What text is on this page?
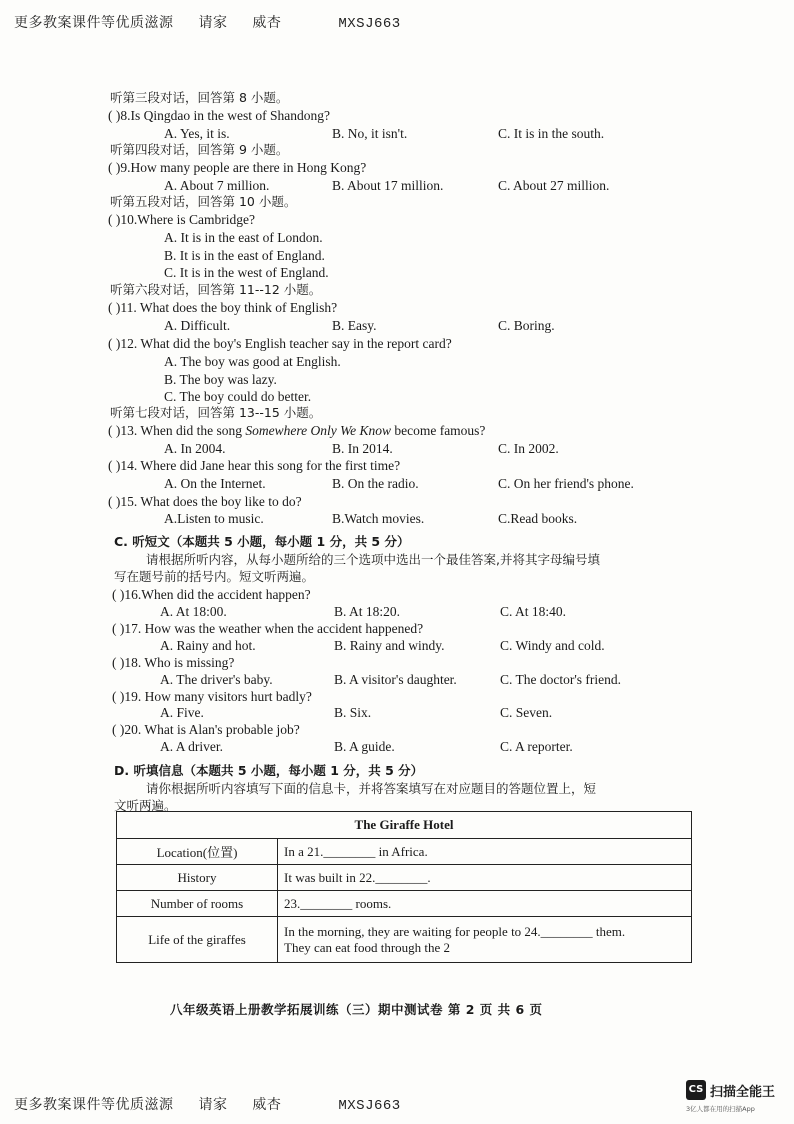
更多教案课件等优质滋源 请家 威杏	MXSJ663
听第三段对话，回答第 8 小题。
( )8.Is Qingdao in the west of Shandong?
A. Yes, it is.	B. No, it isn't.	C. It is in the south.
听第四段对话，回答第 9 小题。
( )9.How many people are there in Hong Kong?
A. About 7 million.	B. About 17 million.	C. About 27 million.
听第五段对话，回答第 10 小题。
( )10.Where is Cambridge?
A. It is in the east of London.
B. It is in the east of England.
C. It is in the west of England.
听第六段对话，回答第 11--12 小题。
( )11. What does the boy think of English?
A. Difficult.	B. Easy.	C. Boring.
( )12. What did the boy's English teacher say in the report card?
A. The boy was good at English.
B. The boy was lazy.
C. The boy could do better.
听第七段对话，回答第 13--15 小题。
( )13. When did the song Somewhere Only We Know become famous?
A. In 2004.	B. In 2014.	C. In 2002.
( )14. Where did Jane hear this song for the first time?
A. On the Internet.	B. On the radio.	C. On her friend's phone.
( )15. What does the boy like to do?
A.Listen to music.	B.Watch movies.	C.Read books.
C. 听短文（本题共 5 小题，每小题 1 分，共 5 分）
请根据所听内容，从每小题所给的三个选项中选出一个最佳答案,并将其字母编号填
写在题号前的括号内。短文听两遍。
( )16.When did the accident happen?
A. At 18:00.	B. At 18:20.	C. At 18:40.
( )17. How was the weather when the accident happened?
A. Rainy and hot.	B. Rainy and windy.	C. Windy and cold.
( )18. Who is missing?
A. The driver's baby.	B. A visitor's daughter.	C. The doctor's friend.
( )19. How many visitors hurt badly?
A. Five.	B. Six.	C. Seven.
( )20. What is Alan's probable job?
A. A driver.	B. A guide.	C. A reporter.
D. 听填信息（本题共 5 小题，每小题 1 分，共 5 分）
请你根据所听内容填写下面的信息卡，并将答案填写在对应题目的答题位置上，短
文听两遍。
The Giraffe Hotel	
Location(位置)	In a 21.________ in Africa.
History	It was built in 22.________.
Number of rooms	23.________ rooms.
Life of the giraffes	In the morning, they are waiting for people to 24.________ them.
They can eat food through the 2
八年级英语上册教学拓展训练（三）期中测试卷 第 2 页 共 6 页
更多教案课件等优质滋源 请家 威杏	MXSJ663
CS 扫描全能王
3亿人都在用的扫描App
